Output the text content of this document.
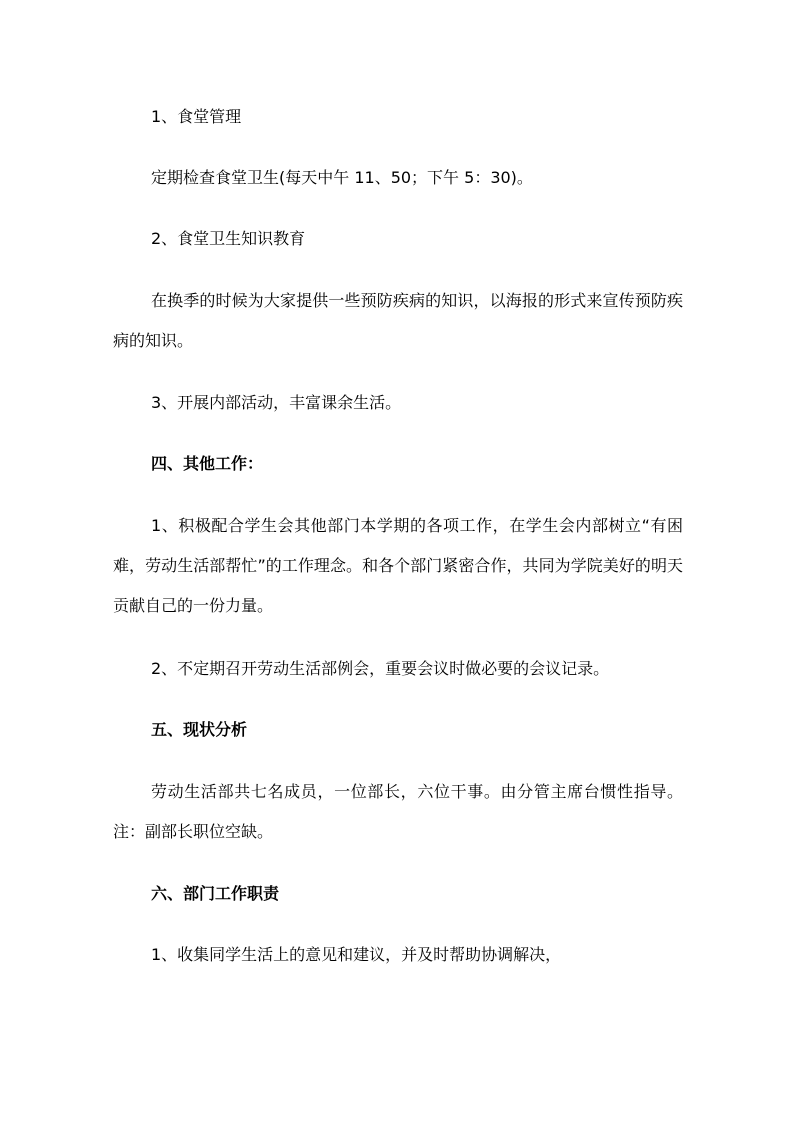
1、食堂管理

定期检查食堂卫生(每天中午 11、50；下午 5：30)。

2、食堂卫生知识教育

在换季的时候为大家提供一些预防疾病的知识，以海报的形式来宣传预防疾病的知识。

3、开展内部活动，丰富课余生活。

四、其他工作：

1、积极配合学生会其他部门本学期的各项工作，在学生会内部树立“有困难，劳动生活部帮忙”的工作理念。和各个部门紧密合作，共同为学院美好的明天贡献自己的一份力量。

2、不定期召开劳动生活部例会，重要会议时做必要的会议记录。

五、现状分析

劳动生活部共七名成员，一位部长，六位干事。由分管主席台惯性指导。注：副部长职位空缺。

六、部门工作职责

1、收集同学生活上的意见和建议，并及时帮助协调解决，
